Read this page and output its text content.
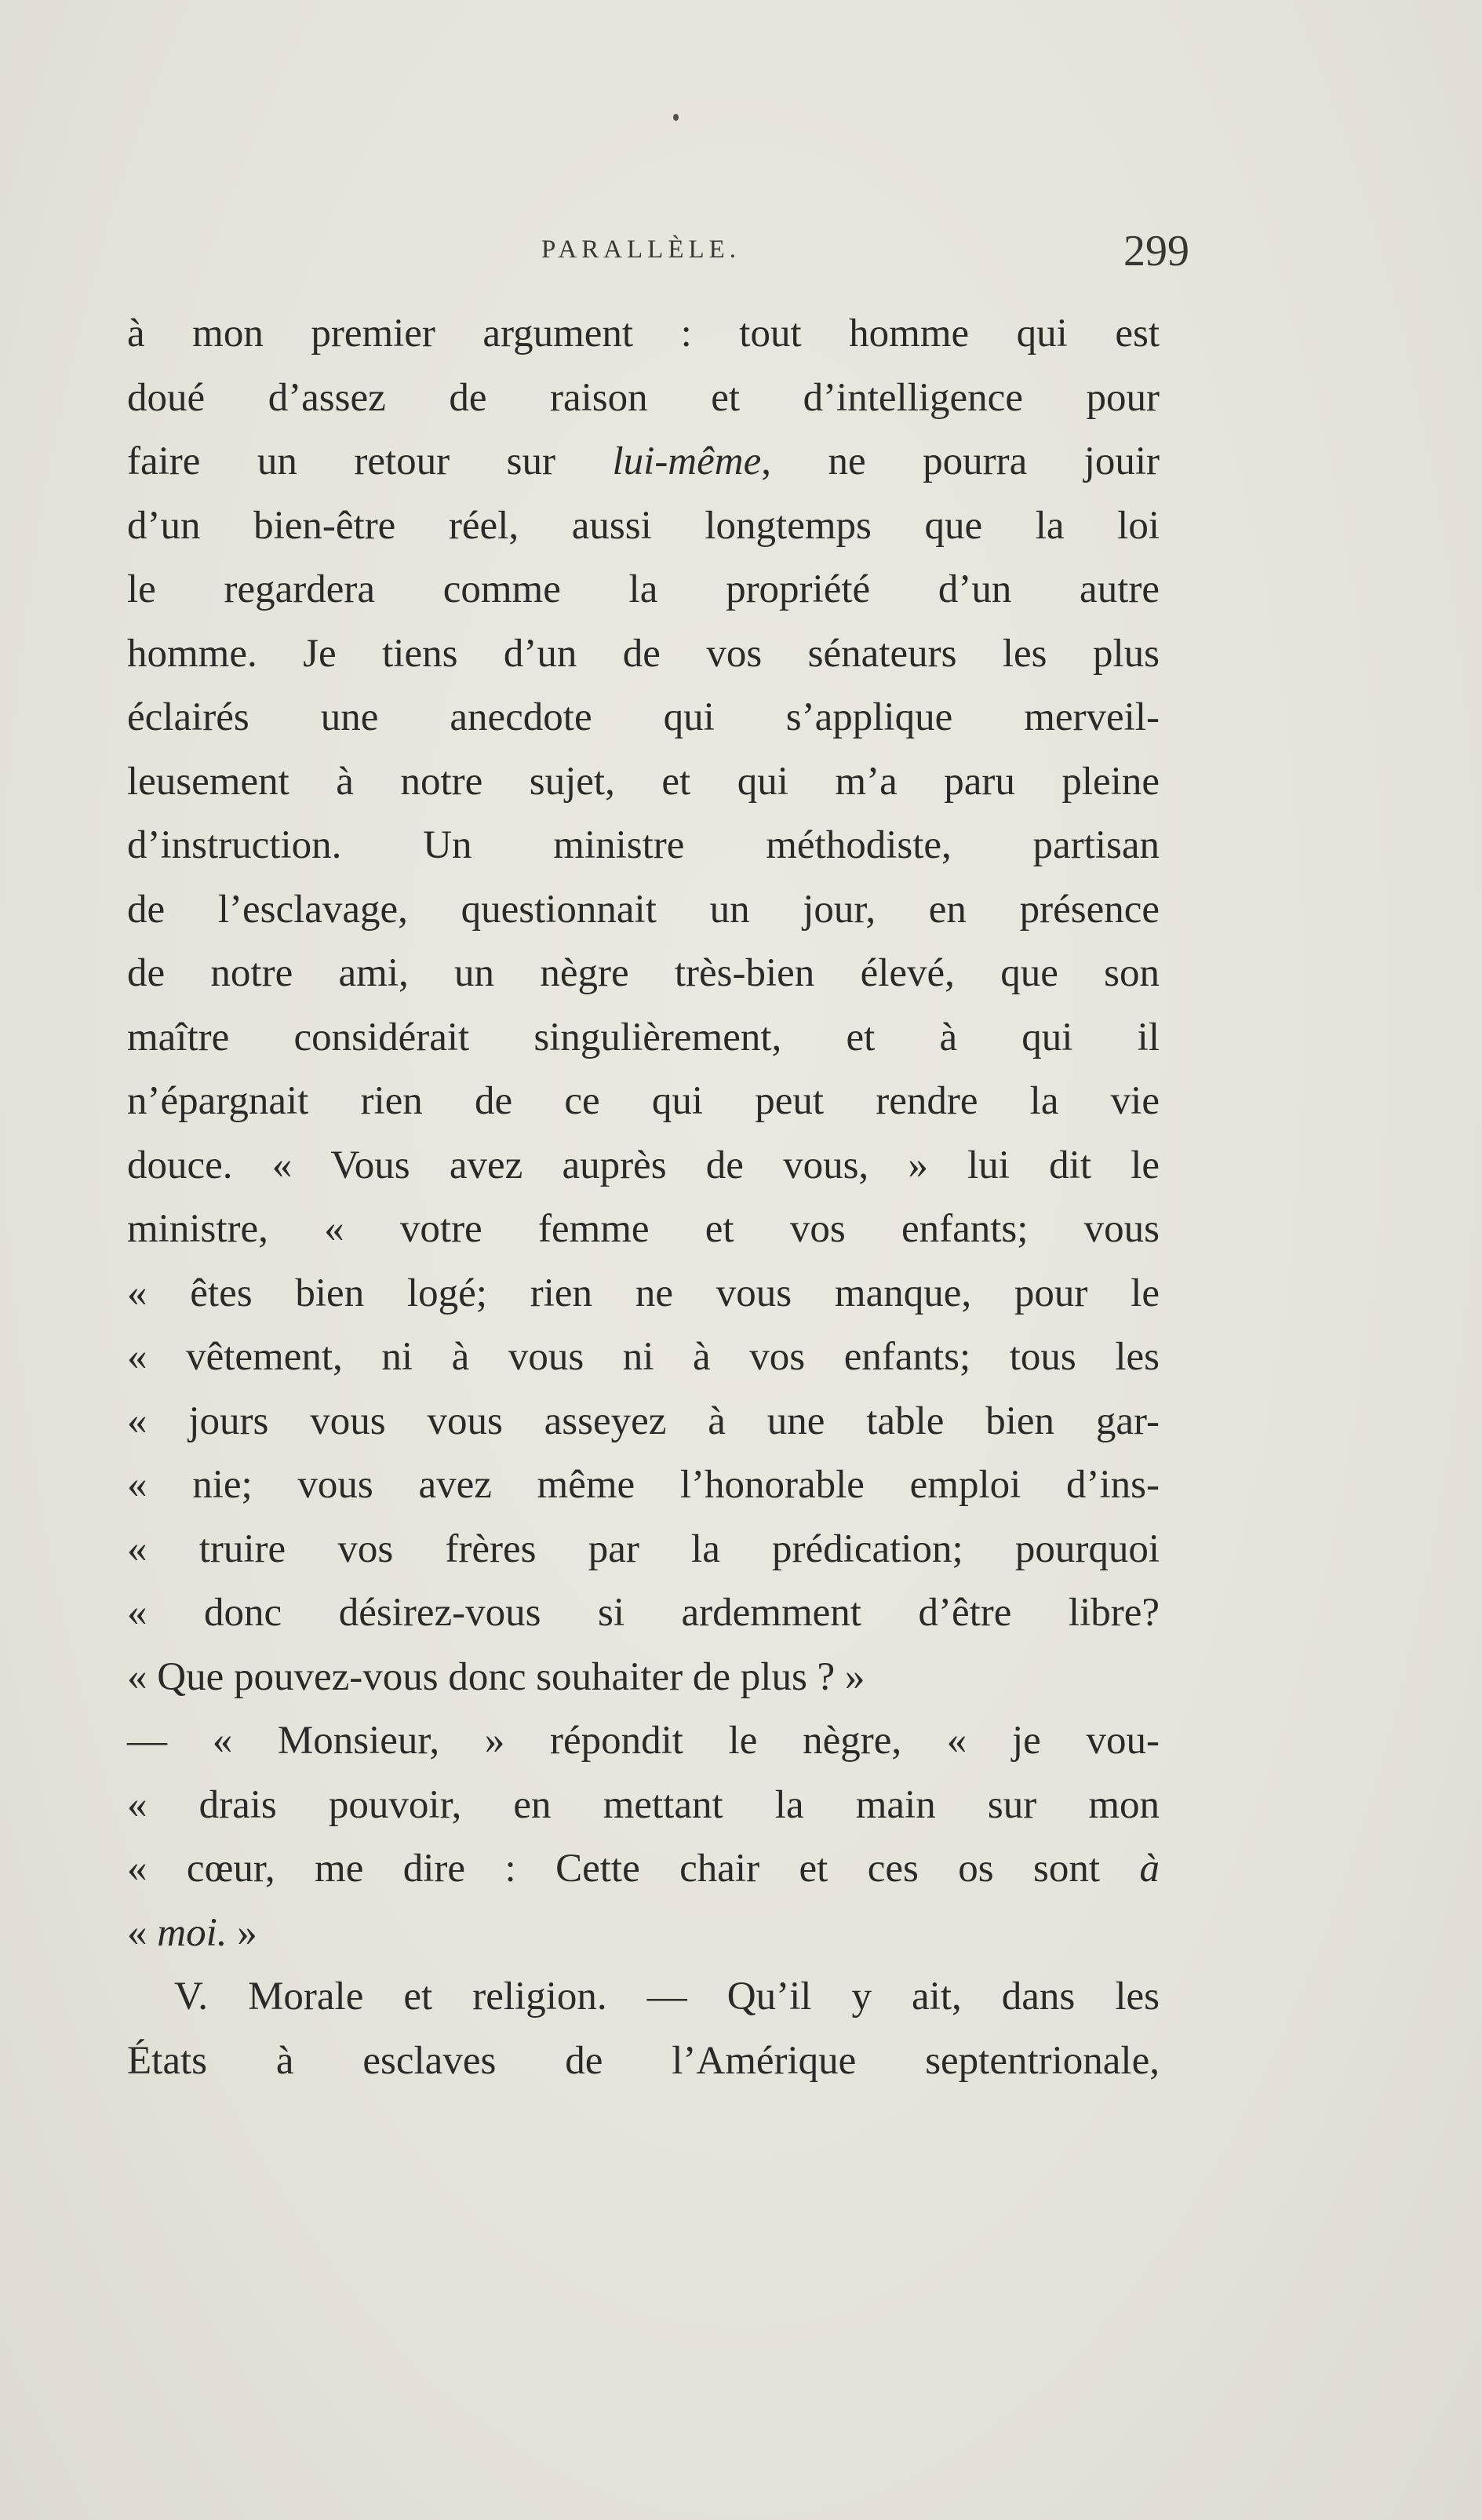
PARALLÈLE.	299
à mon premier argument : tout homme qui est
doué d’assez de raison et d’intelligence pour
faire un retour sur lui-même, ne pourra jouir
d’un bien-être réel, aussi longtemps que la loi
le regardera comme la propriété d’un autre
homme. Je tiens d’un de vos sénateurs les plus
éclairés une anecdote qui s’applique merveil-
leusement à notre sujet, et qui m’a paru pleine
d’instruction. Un ministre méthodiste, partisan
de l’esclavage, questionnait un jour, en présence
de notre ami, un nègre très-bien élevé, que son
maître considérait singulièrement, et à qui il
n’épargnait rien de ce qui peut rendre la vie
douce. « Vous avez auprès de vous, » lui dit le
ministre, « votre femme et vos enfants; vous
« êtes bien logé; rien ne vous manque, pour le
« vêtement, ni à vous ni à vos enfants; tous les
« jours vous vous asseyez à une table bien gar-
« nie; vous avez même l’honorable emploi d’ins-
« truire vos frères par la prédication; pourquoi
« donc désirez-vous si ardemment d’être libre?
« Que pouvez-vous donc souhaiter de plus ? »
— « Monsieur, » répondit le nègre, « je vou-
« drais pouvoir, en mettant la main sur mon
« cœur, me dire : Cette chair et ces os sont à
« moi. »
V. Morale et religion. — Qu’il y ait, dans les
États à esclaves de l’Amérique septentrionale,
